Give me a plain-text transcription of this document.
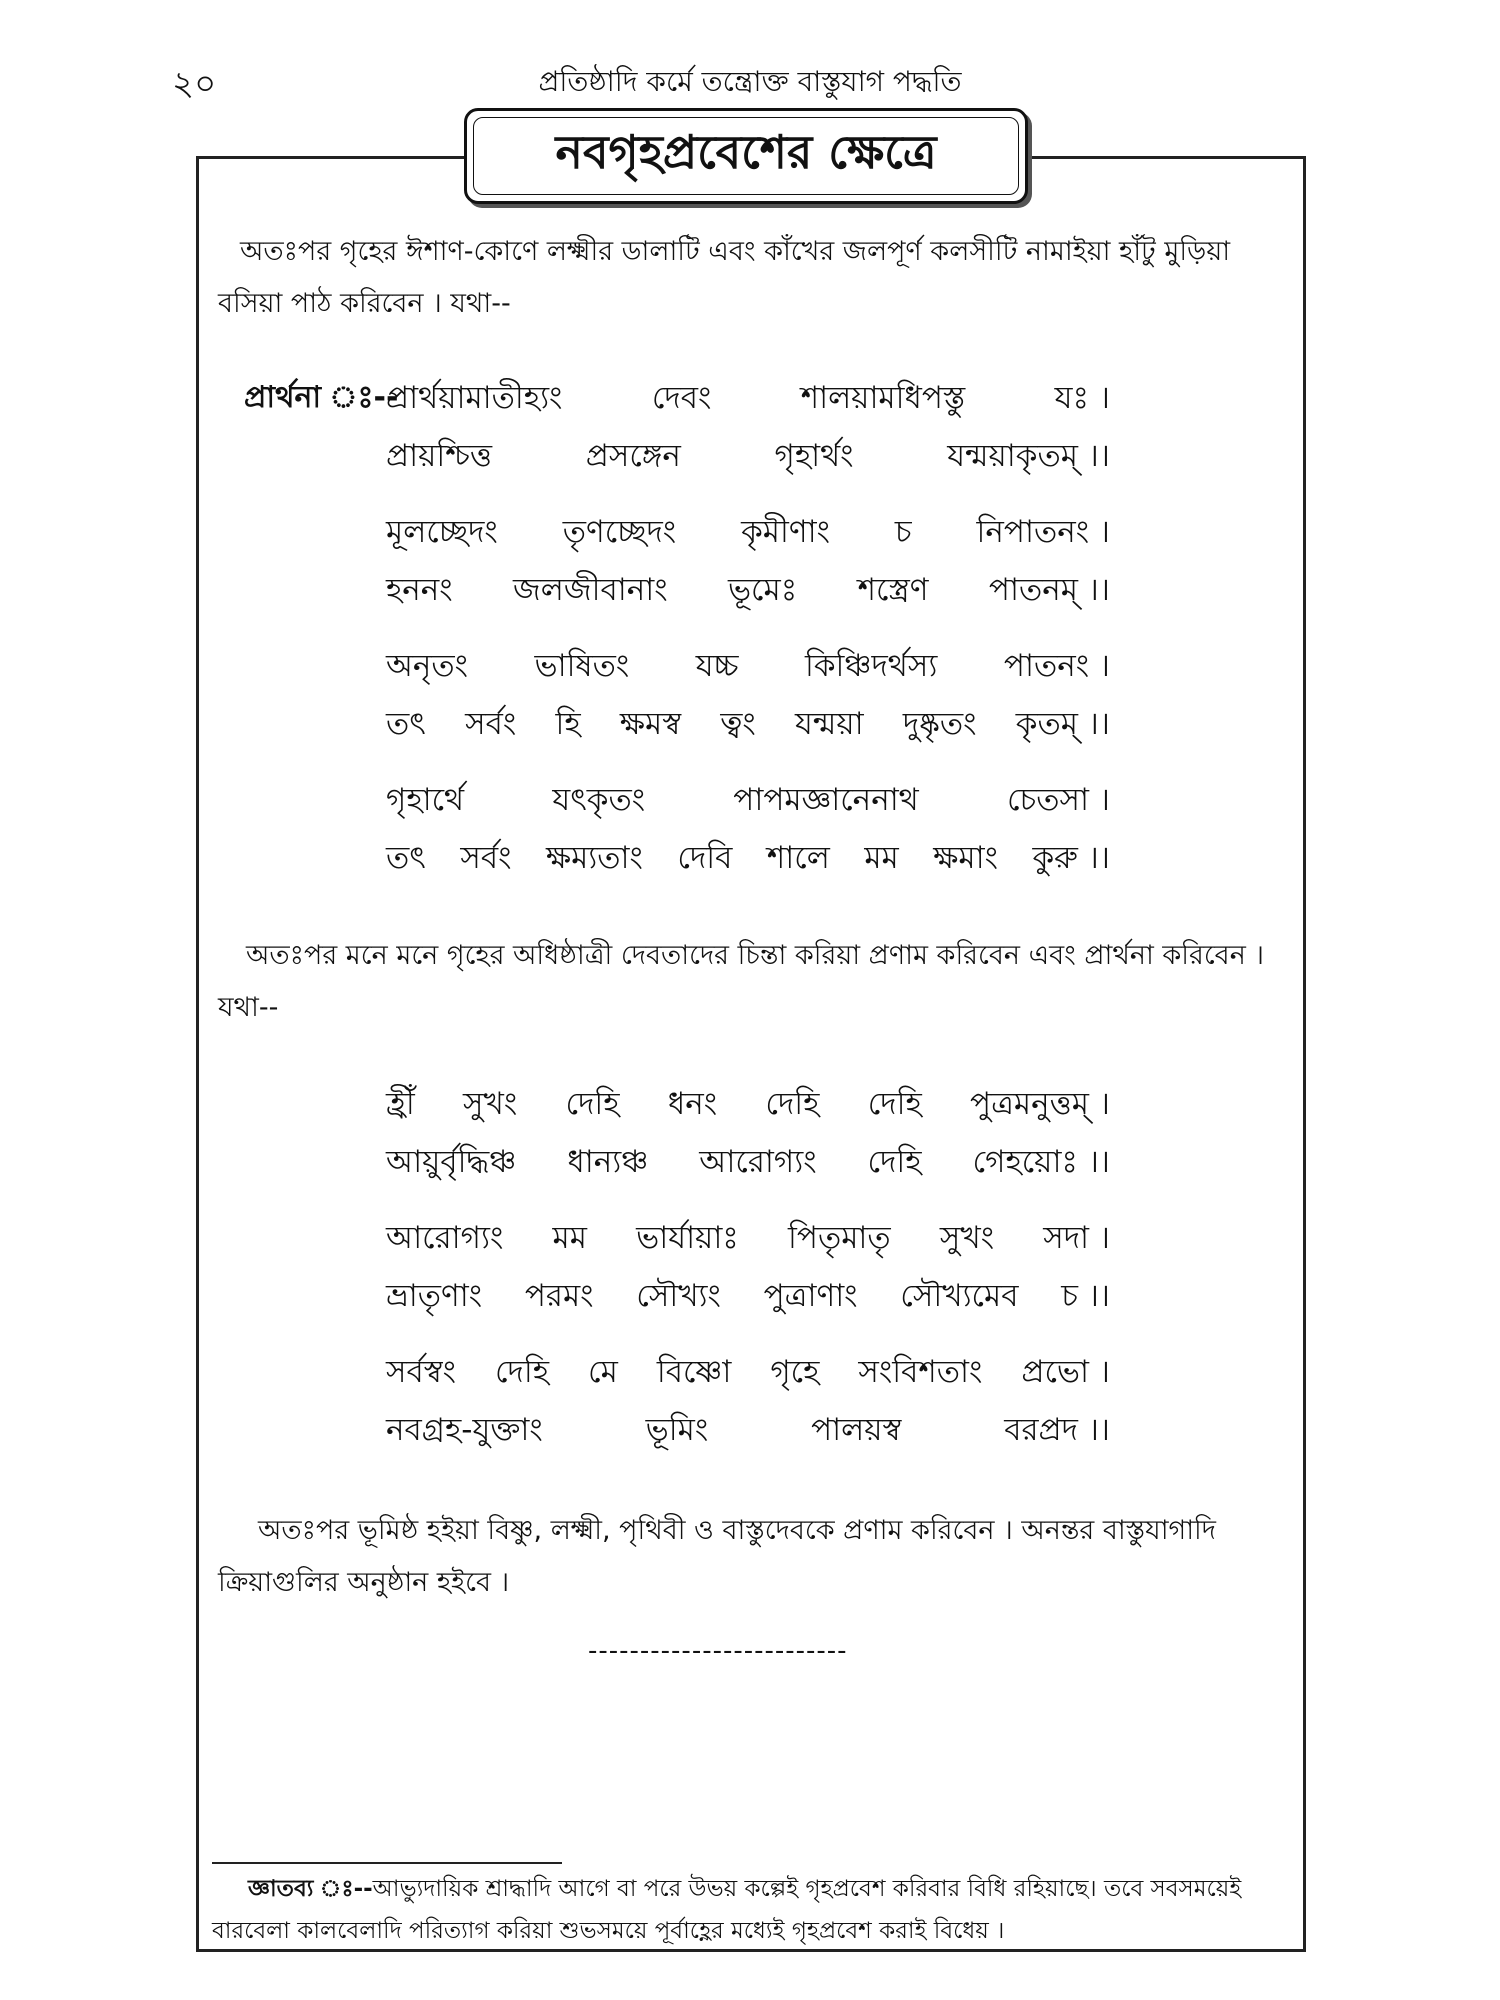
২০	প্রতিষ্ঠাদি কর্মে তন্ত্রোক্ত বাস্তুযাগ পদ্ধতি
নবগৃহপ্রবেশের ক্ষেত্রে
অতঃপর গৃহের ঈশাণ-কোণে লক্ষ্মীর ডালাটি এবং কাঁখের জলপূর্ণ কলসীটি নামাইয়া হাঁটু মুড়িয়া বসিয়া পাঠ করিবেন । যথা--
প্রার্থনা ঃ--
প্রার্থয়ামাতীহ্যং	দেবং	শালয়ামধিপস্তু	যঃ ।
প্রায়শ্চিত্ত	প্রসঙ্গেন	গৃহার্থং	যন্ময়াকৃতম্ ।।
মূলচ্ছেদং তৃণচ্ছেদং কৃমীণাং চ নিপাতনং ।
হননং জলজীবানাং ভূমেঃ শস্ত্রেণ পাতনম্ ।।
অনৃতং ভাষিতং যচ্চ কিঞ্চিদর্থস্য পাতনং ।
তৎ সর্বং হি ক্ষমস্ব ত্বং যন্ময়া দুষ্কৃতং কৃতম্ ।।
গৃহার্থে	যৎকৃতং	পাপমজ্ঞানেনাথ	চেতসা ।
তৎ সর্বং ক্ষম্যতাং দেবি শালে মম ক্ষমাং কুরু ।।
অতঃপর মনে মনে গৃহের অধিষ্ঠাত্রী দেবতাদের চিন্তা করিয়া প্রণাম করিবেন এবং প্রার্থনা করিবেন । যথা--
হ্রীঁ সুখং দেহি ধনং দেহি দেহি পুত্রমনুত্তম্ ।
আয়ুর্বৃদ্ধিঞ্চ ধান্যঞ্চ আরোগ্যং দেহি গেহয়োঃ ।।
আরোগ্যং মম ভার্যায়াঃ পিতৃমাতৃ সুখং সদা ।
ভ্রাতৃণাং পরমং সৌখ্যং পুত্রাণাং সৌখ্যমেব চ ।।
সর্বস্বং দেহি মে বিষ্ণো গৃহে সংবিশতাং প্রভো ।
নবগ্রহ-যুক্তাং	ভূমিং	পালয়স্ব	বরপ্রদ ।।
অতঃপর ভূমিষ্ঠ হইয়া বিষ্ণু, লক্ষ্মী, পৃথিবী ও বাস্তুদেবকে প্রণাম করিবেন । অনন্তর বাস্তুযাগাদি ক্রিয়াগুলির অনুষ্ঠান হইবে ।
-------------------------
জ্ঞাতব্য ঃ--আভ্যুদায়িক শ্রাদ্ধাদি আগে বা পরে উভয় কল্পেই গৃহপ্রবেশ করিবার বিধি রহিয়াছে। তবে সবসময়েই বারবেলা কালবেলাদি পরিত্যাগ করিয়া শুভসময়ে পূর্বাহ্ণের মধ্যেই গৃহপ্রবেশ করাই বিধেয় ।
